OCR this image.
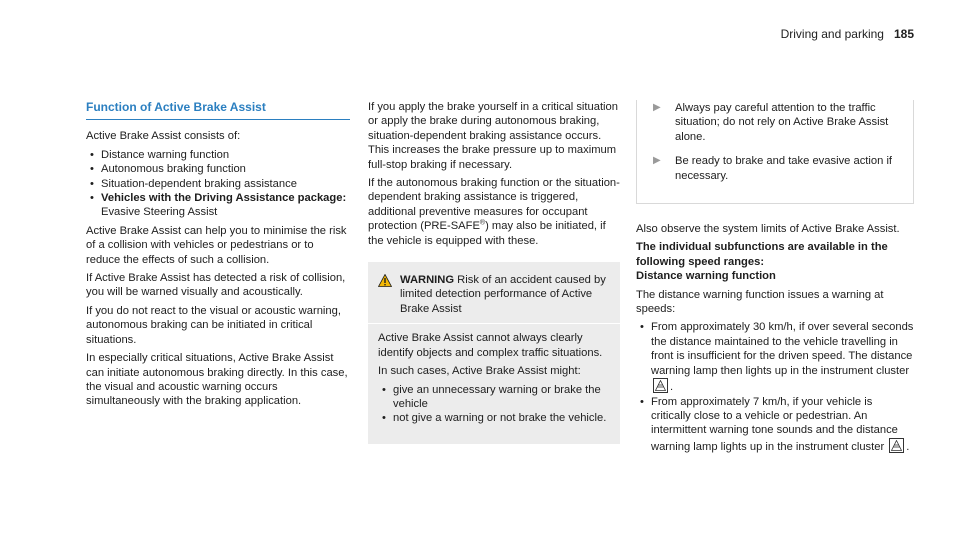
Driving and parking 185
Function of Active Brake Assist

Active Brake Assist consists of:

• Distance warning function
• Autonomous braking function
• Situation-dependent braking assistance
• Vehicles with the Driving Assistance package: Evasive Steering Assist

Active Brake Assist can help you to minimise the risk of a collision with vehicles or pedestrians or to reduce the effects of such a collision.

If Active Brake Assist has detected a risk of collision, you will be warned visually and acoustically.

If you do not react to the visual or acoustic warning, autonomous braking can be initiated in critical situations.

In especially critical situations, Active Brake Assist can initiate autonomous braking directly. In this case, the visual and acoustic warning occurs simultaneously with the braking application.

If you apply the brake yourself in a critical situation or apply the brake during autonomous braking, situation-dependent braking assistance occurs. This increases the brake pressure up to maximum full-stop braking if necessary.

If the autonomous braking function or the situation-dependent braking assistance is triggered, additional preventive measures for occupant protection (PRE-SAFE®) may also be initiated, if the vehicle is equipped with these.

WARNING Risk of an accident caused by limited detection performance of Active Brake Assist

Active Brake Assist cannot always clearly identify objects and complex traffic situations.

In such cases, Active Brake Assist might:

• give an unnecessary warning or brake the vehicle
• not give a warning or not brake the vehicle.
▶	Always pay careful attention to the traffic situation; do not rely on Active Brake Assist alone.
▶	Be ready to brake and take evasive action if necessary.

Also observe the system limits of Active Brake Assist.

The individual subfunctions are available in the following speed ranges:

Distance warning function

The distance warning function issues a warning at speeds:

• From approximately 30 km/h, if over several seconds the distance maintained to the vehicle travelling in front is insufficient for the driven speed. The distance warning lamp then lights up in the instrument cluster
.
• From approximately 7 km/h, if your vehicle is critically close to a vehicle or pedestrian. An intermittent warning tone sounds and the distance warning lamp lights up in the instrument cluster .
